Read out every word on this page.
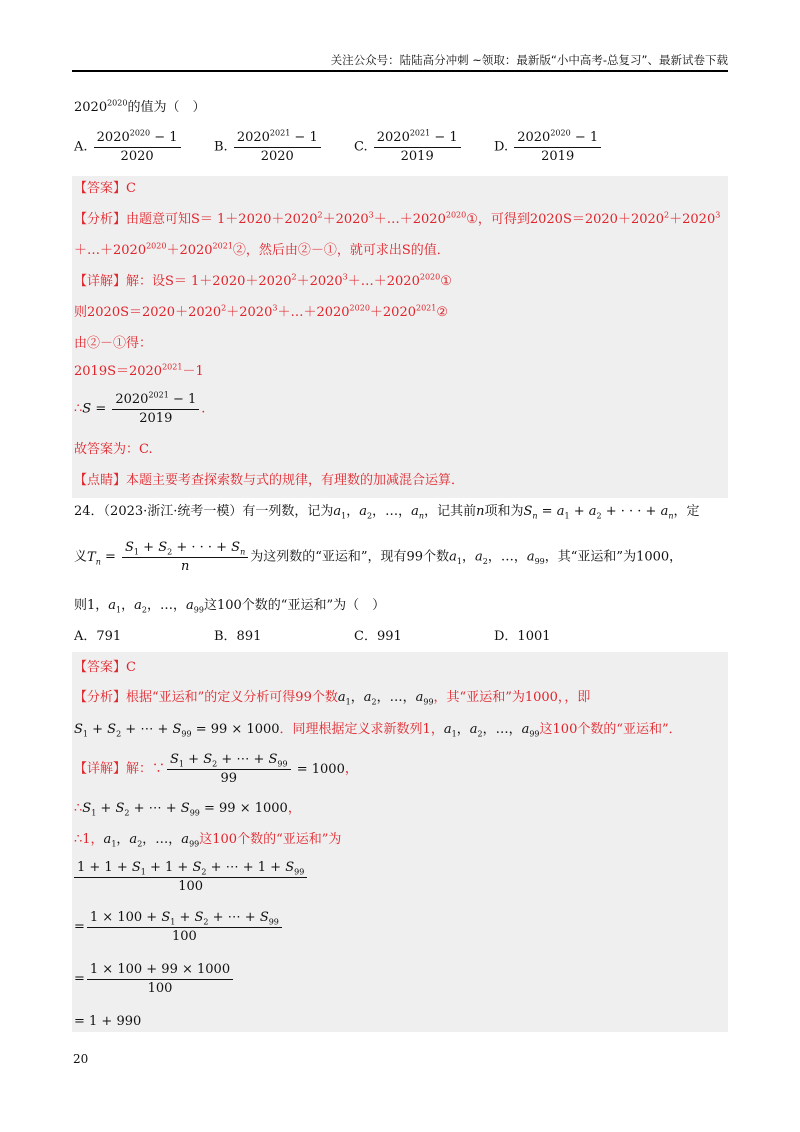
关注公众号：陆陆高分冲刺 ~领取：最新版“小中高考-总复习”、最新试卷下载
$2020^{2020}$的值为（　）
A. $\frac{2020^{2020} - 1}{2020}$	B. $\frac{2020^{2021} - 1}{2020}$	C. $\frac{2020^{2021} - 1}{2019}$	D. $\frac{2020^{2020} - 1}{2019}$
【答案】C
【分析】由题意可知$S= 1+2020+2020^2+2020^3+\dots+2020^{2020}①$，可得到$2020S=2020+2020^2+2020^3$
$+\dots+2020^{2020}+2020^{2021}②$，然后由②－①，就可求出S的值．
【详解】解：设$S= 1+2020+2020^2+2020^3+\dots+2020^{2020}①$
则$2020S=2020+2020^2+2020^3+\dots+2020^{2020}+2020^{2021}②$
由②－①得：
$2019S=2020^{2021}-1$
∴S = $\frac{2020^{2021} - 1}{2019}$ .
故答案为：C.
【点睛】本题主要考查探索数与式的规律，有理数的加减混合运算．
24．（2023·浙江·统考一模）有一列数，记为$a_1$，$a_2$，…，$a_n$，记其前n项和为$S_n = a_1 + a_2$ + · · · + $a_n$，定
义$T_n = \frac{S_1 + S_2 + \cdot \cdot \cdot + S_n}{n}$ 为这列数的“亚运和”，现有99个数$a_1$，$a_2$，…，$a_{99}$，其“亚运和”为1000，
则1，$a_1$，$a_2$，…，$a_{99}$这100个数的“亚运和”为（　）
A．791	B．891	C．991	D．1001
【答案】C
【分析】根据“亚运和”的定义分析可得99个数$a_1$，$a_2$，…，$a_{99}$，其“亚运和”为1000，，即
$S_1 + S_2$ + ⋯ + $S_{99} = 99 \times 1000$．同理根据定义求新数列1，$a_1$，$a_2$，…，$a_{99}$这100个数的“亚运和”．
【详解】解：∵ $\frac{S_1 + S_2 + \cdots + S_{99}}{99} = 1000$，
$\therefore S_1 + S_2$ + ⋯ + $S_{99} = 99 \times 1000$，
∴1，$a_1$，$a_2$，…，$a_{99}$这100个数的“亚运和”为
$\frac{1 + 1 + S_1 + 1 + S_2 + \cdots + 1 + S_{99}}{100}$
= $\frac{1 \times 100 + S_1 + S_2 + \cdots + S_{99}}{100}$
= $\frac{1 \times 100 + 99 \times 1000}{100}$
= 1 + 990
20
